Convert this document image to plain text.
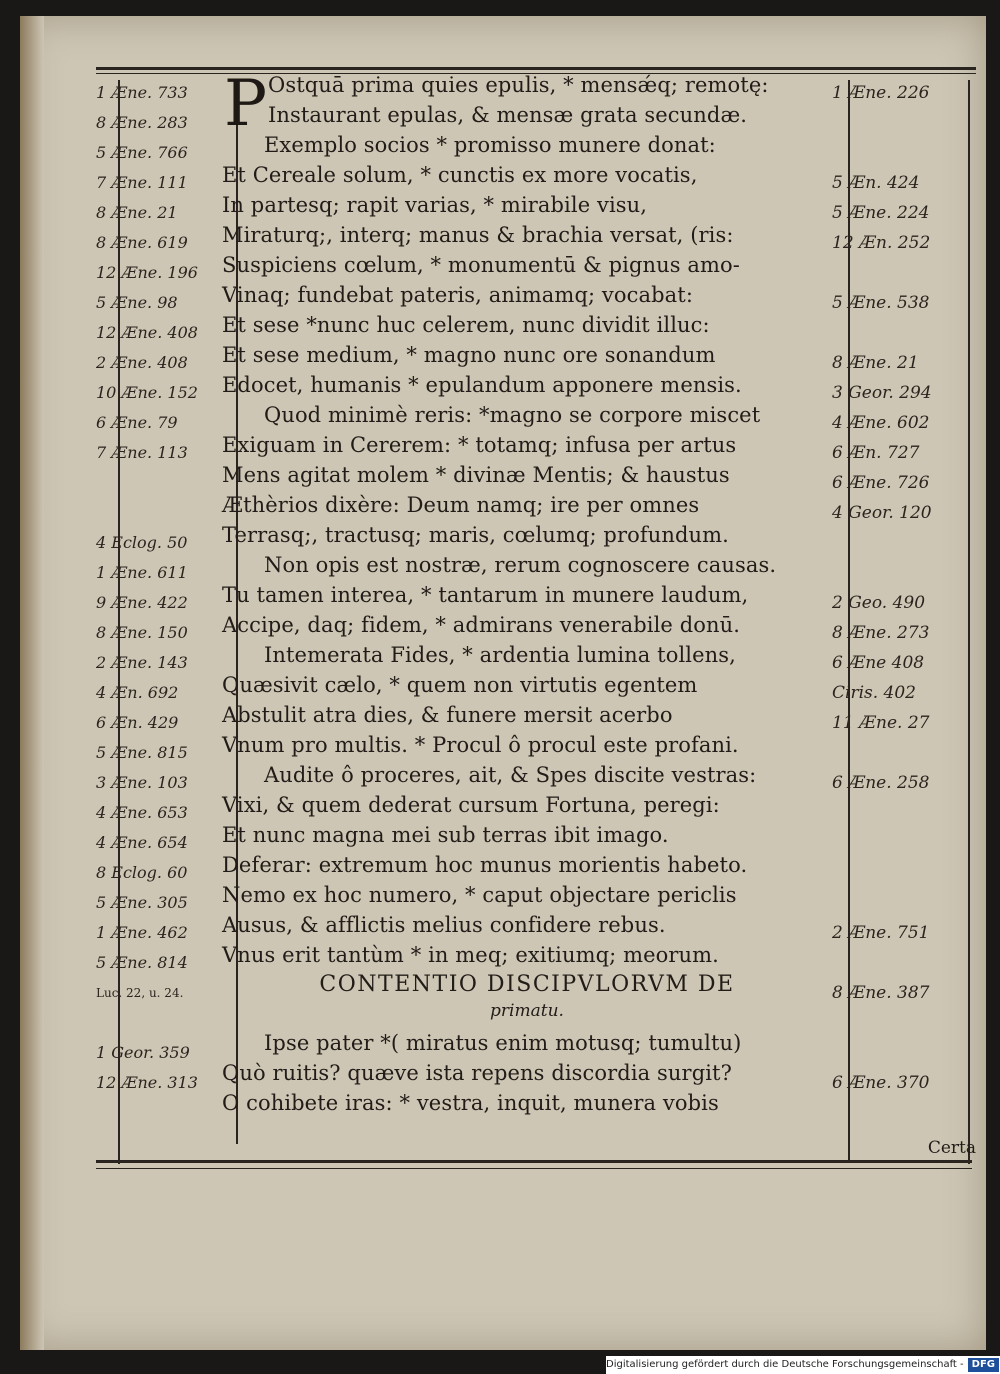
1 Æne. 733
8 Æne. 283
5 Æne. 766
7 Æne. 111
8 Æne. 21
8 Æne. 619
12 Æne. 196
5 Æne. 98
12 Æne. 408
2 Æne. 408
10 Æne. 152
6 Æne. 79
7 Æne. 113
4 Eclog. 50
1 Æne. 611
9 Æne. 422
8 Æne. 150
2 Æne. 143
4 Æn. 692
6 Æn. 429
5 Æne. 815
3 Æne. 103
4 Æne. 653
4 Æne. 654
8 Eclog. 60
5 Æne. 305
1 Æne. 462
5 Æne. 814
Luc. 22, u. 24.
1 Geor. 359
12 Æne. 313
P Ostquā prima quies epulis, * mensǽq; remotę:
Instaurant epulas, & mensæ grata secundæ.
Exemplo socios * promisso munere donat:
Et Cereale solum, * cunctis ex more vocatis,
In partesq; rapit varias, * mirabile visu,
Miraturq;, interq; manus & brachia versat, (ris:
Suspiciens cœlum, * monumentū & pignus amo-
Vinaq; fundebat pateris, animamq; vocabat:
Et sese *nunc huc celerem, nunc dividit illuc:
Et sese medium, * magno nunc ore sonandum
Edocet, humanis * epulandum apponere mensis.
Quod minimè reris: *magno se corpore miscet
Exiguam in Cererem: * totamq; infusa per artus
Mens agitat molem * divinæ Mentis; & haustus
Æthèrios dixère: Deum namq; ire per omnes
Terrasq;, tractusq; maris, cœlumq; profundum.
Non opis est nostræ, rerum cognoscere causas.
Tu tamen interea, * tantarum in munere laudum,
Accipe, daq; fidem, * admirans venerabile donū.
Intemerata Fides, * ardentia lumina tollens,
Quæsivit cælo, * quem non virtutis egentem
Abstulit atra dies, & funere mersit acerbo
Vnum pro multis. * Procul ô procul este profani.
Audite ô proceres, ait, & Spes discite vestras:
Vixi, & quem dederat cursum Fortuna, peregi:
Et nunc magna mei sub terras ibit imago.
Deferar: extremum hoc munus morientis habeto.
Nemo ex hoc numero, * caput objectare periclis
Ausus, & afflictis melius confidere rebus.
Vnus erit tantùm * in meq; exitiumq; meorum.
CONTENTIO DISCIPVLORVM DE
primatu.
Ipse pater *( miratus enim motusq; tumultu)
Quò ruitis? quæve ista repens discordia surgit?
O cohibete iras: * vestra, inquit, munera vobis
1 Æne. 226
5 Æn. 424
5 Æne. 224
12 Æn. 252
5 Æne. 538
8 Æne. 21
3 Geor. 294
4 Æne. 602
6 Æn. 727
6 Æne. 726
4 Geor. 120
2 Geo. 490
8 Æne. 273
6 Æne 408
Ciris. 402
11 Æne. 27
6 Æne. 258
2 Æne. 751
8 Æne. 387
6 Æne. 370
Certa
Digitalisierung gefördert durch die Deutsche Forschungsgemeinschaft - DFG
